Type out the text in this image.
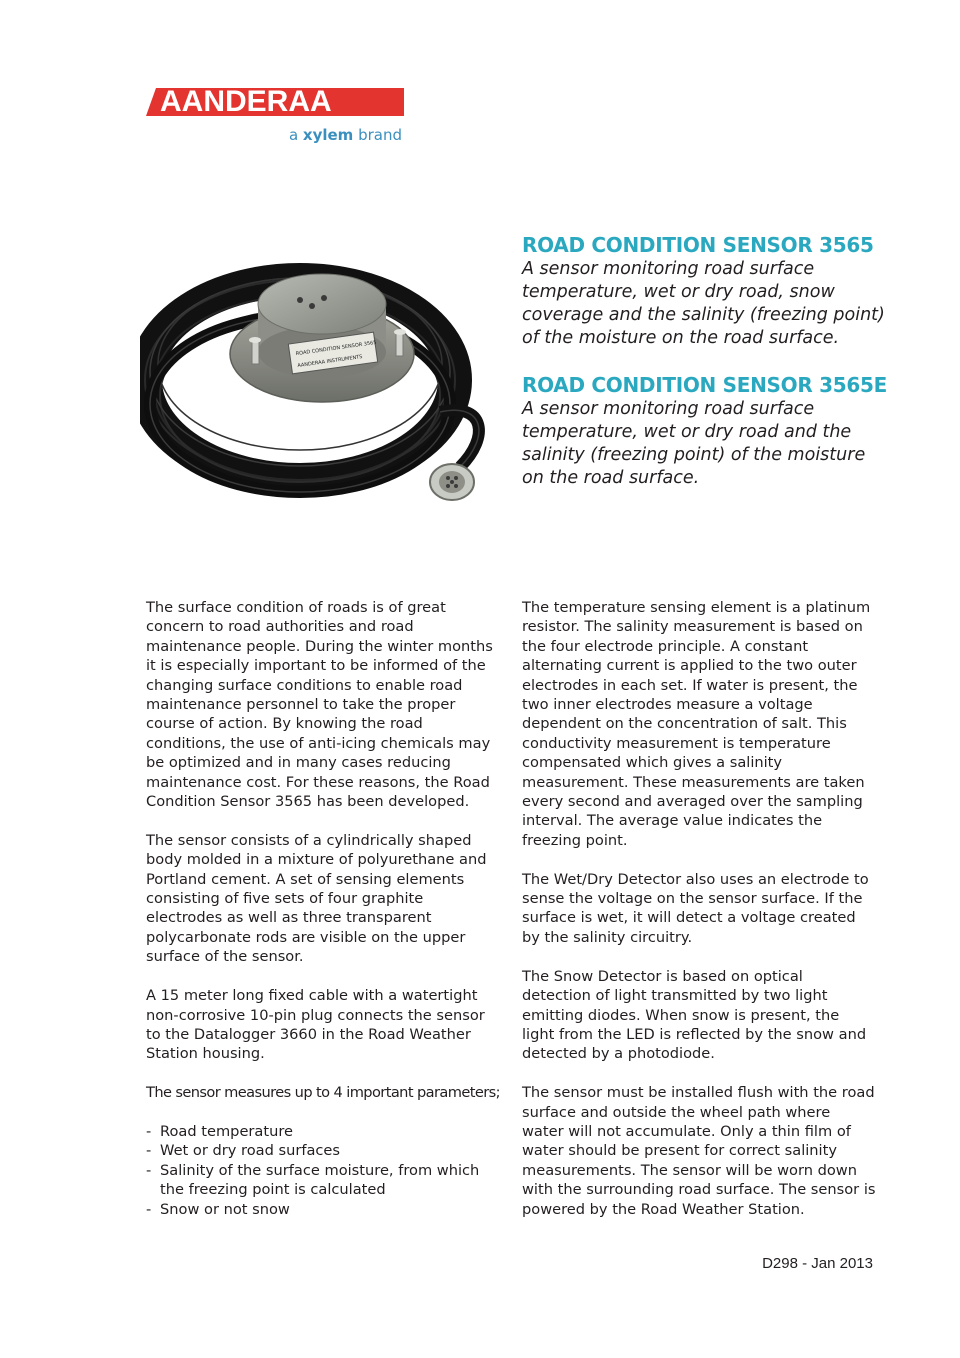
AANDERAA
a xylem brand
ROAD CONDITION SENSOR 3565
AANDERAA INSTRUMENTS
ROAD CONDITION SENSOR 3565

A sensor monitoring road surface temperature, wet or dry road, snow coverage and the salinity (freezing point) of the moisture on the road surface.

ROAD CONDITION SENSOR 3565E

A sensor monitoring road surface temperature, wet or dry road and the salinity (freezing point) of the moisture on the road surface.

The surface condition of roads is of great concern to road authorities and road maintenance people. During the winter months it is especially important to be informed of the changing surface conditions to enable road maintenance personnel to take the proper course of action. By knowing the road conditions, the use of anti-icing chemicals may be optimized and in many cases reducing maintenance cost. For these reasons, the Road Condition Sensor 3565 has been developed.

The sensor consists of a cylindrically shaped body molded in a mixture of polyurethane and Portland cement. A set of sensing elements consisting of five sets of four graphite electrodes as well as three transparent polycarbonate rods are visible on the upper surface of the sensor.

A 15 meter long fixed cable with a watertight non-corrosive 10-pin plug connects the sensor to the Datalogger 3660 in the Road Weather Station housing.

The sensor measures up to 4 important parameters;

- Road temperature
- Wet or dry road surfaces
- Salinity of the surface moisture, from which the freezing point is calculated
- Snow or not snow

The temperature sensing element is a platinum resistor. The salinity measurement is based on the four electrode principle. A constant alternating current is applied to the two outer electrodes in each set. If water is present, the two inner electrodes measure a voltage dependent on the concentration of salt. This conductivity measurement is temperature compensated which gives a salinity measurement. These measurements are taken every second and averaged over the sampling interval. The average value indicates the freezing point.

The Wet/Dry Detector also uses an electrode to sense the voltage on the sensor surface. If the surface is wet, it will detect a voltage created by the salinity circuitry.

The Snow Detector is based on optical detection of light transmitted by two light emitting diodes. When snow is present, the light from the LED is reflected by the snow and detected by a photodiode.

The sensor must be installed flush with the road surface and outside the wheel path where water will not accumulate. Only a thin film of water should be present for correct salinity measurements. The sensor will be worn down with the surrounding road surface. The sensor is powered by the Road Weather Station.

D298 - Jan 2013
